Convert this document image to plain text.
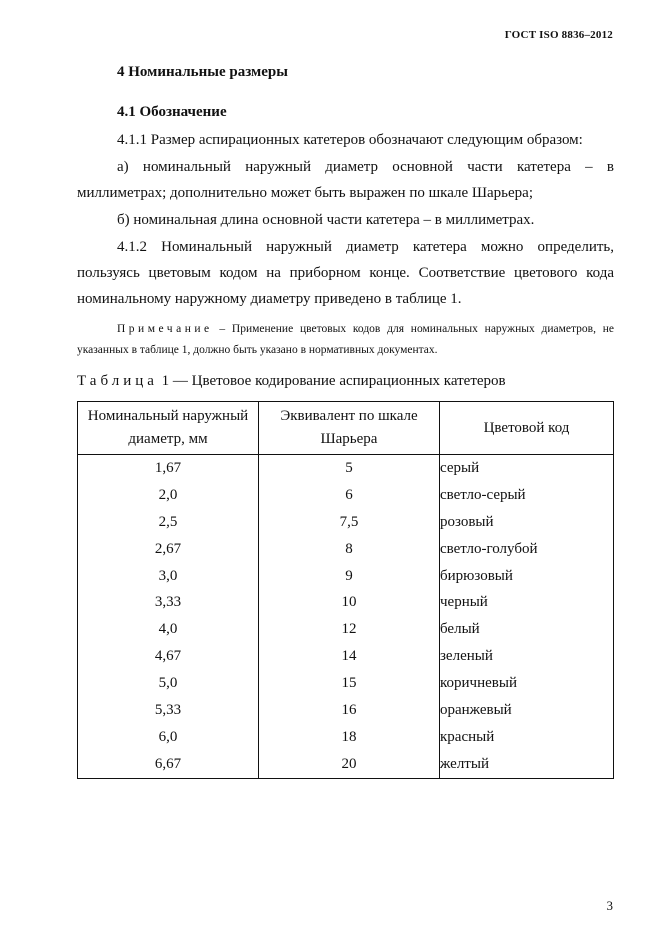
ГОСТ ISO 8836–2012
4 Номинальные размеры
4.1 Обозначение
4.1.1 Размер аспирационных катетеров обозначают следующим образом:
а) номинальный наружный диаметр основной части катетера – в
миллиметрах; дополнительно может быть выражен по шкале Шарьера;
б) номинальная длина основной части катетера – в миллиметрах.
4.1.2 Номинальный наружный диаметр катетера можно определить, пользуясь цветовым кодом на приборном конце. Соответствие цветового кода номинальному наружному диаметру приведено в таблице 1.
Примечание – Применение цветовых кодов для номинальных наружных диаметров, не указанных в таблице 1, должно быть указано в нормативных документах.
Таблица 1 — Цветовое кодирование аспирационных катетеров
Номинальный наружный диаметр, мм	Эквивалент по шкале Шарьера	Цветовой код
1,67	5	серый
2,0	6	светло-серый
2,5	7,5	розовый
2,67	8	светло-голубой
3,0	9	бирюзовый
3,33	10	черный
4,0	12	белый
4,67	14	зеленый
5,0	15	коричневый
5,33	16	оранжевый
6,0	18	красный
6,67	20	желтый
3
